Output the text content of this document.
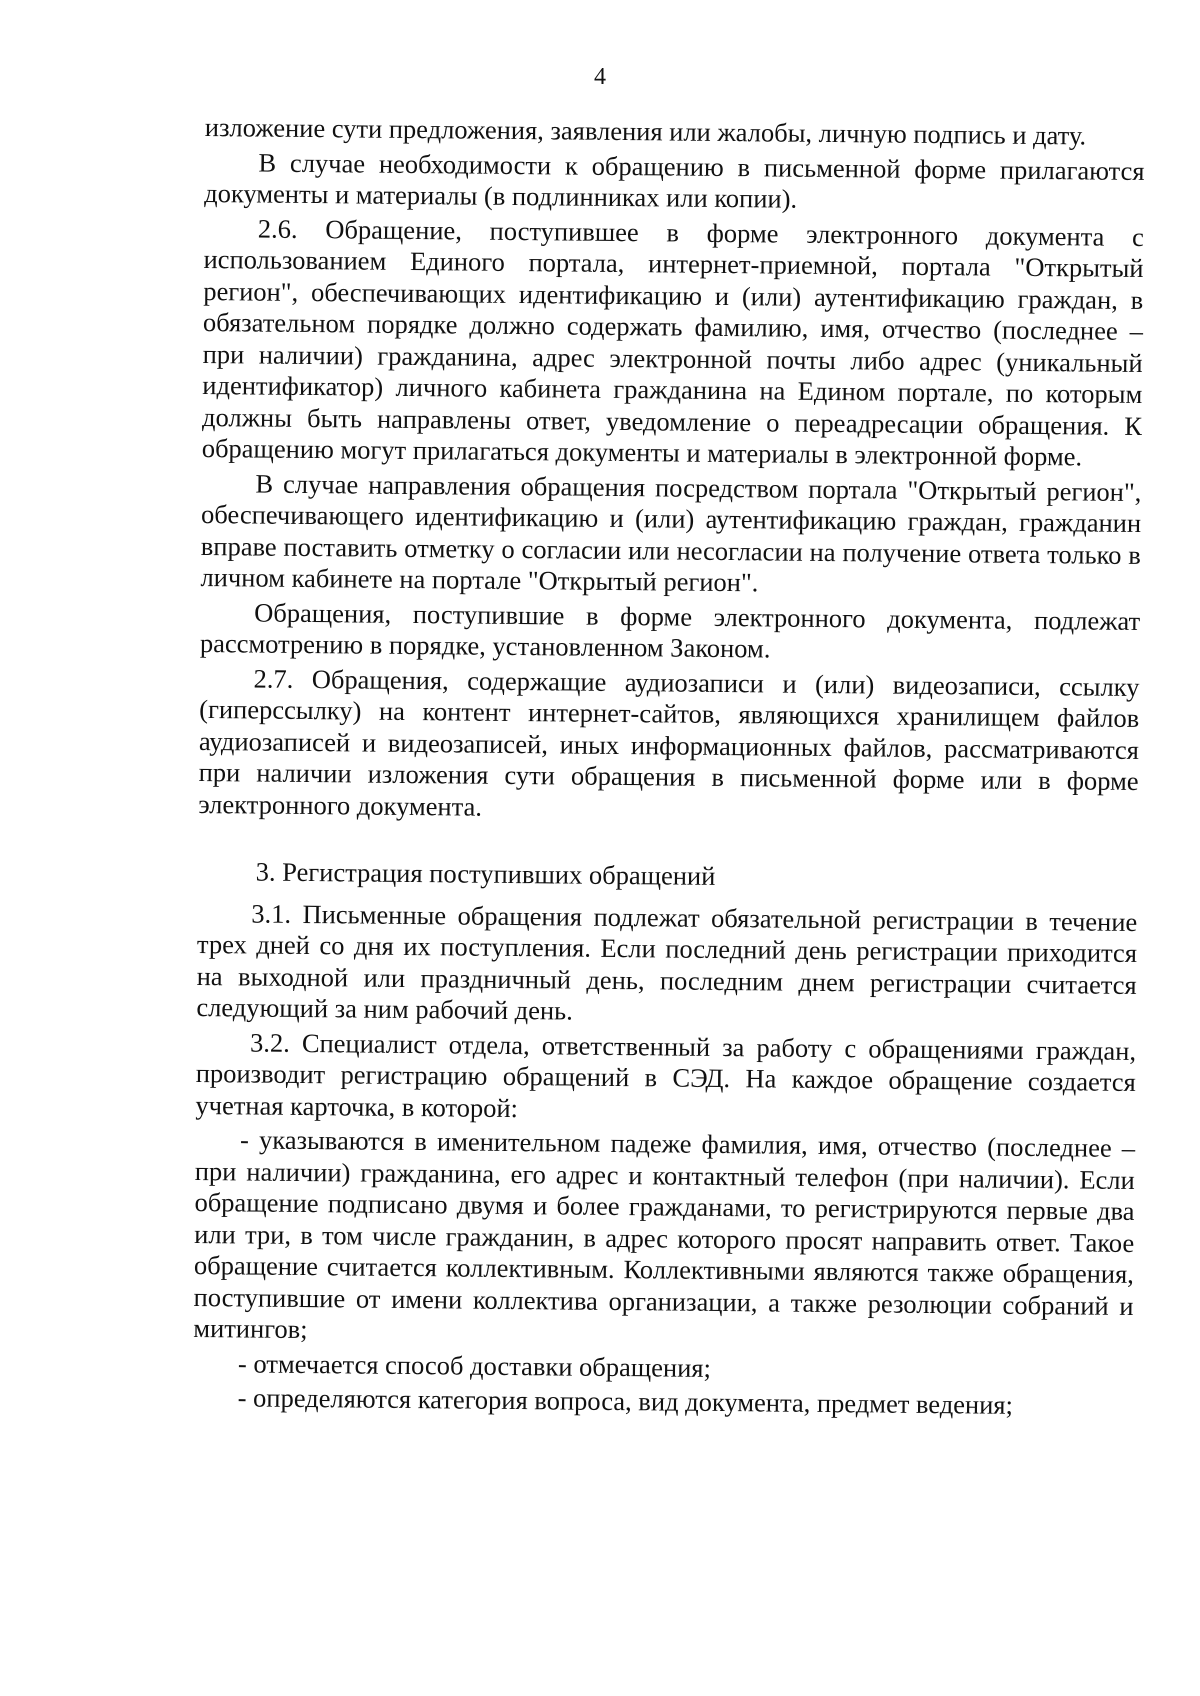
4

изложение сути предложения, заявления или жалобы, личную подпись и дату.

В случае необходимости к обращению в письменной форме прилагаются документы и материалы (в подлинниках или копии).

2.6. Обращение, поступившее в форме электронного документа с использованием Единого портала, интернет-приемной, портала "Открытый регион", обеспечивающих идентификацию и (или) аутентификацию граждан, в обязательном порядке должно содержать фамилию, имя, отчество (последнее – при наличии) гражданина, адрес электронной почты либо адрес (уникальный идентификатор) личного кабинета гражданина на Едином портале, по которым должны быть направлены ответ, уведомление о переадресации обращения. К обращению могут прилагаться документы и материалы в электронной форме.

В случае направления обращения посредством портала "Открытый регион", обеспечивающего идентификацию и (или) аутентификацию граждан, гражданин вправе поставить отметку о согласии или несогласии на получение ответа только в личном кабинете на портале "Открытый регион".

Обращения, поступившие в форме электронного документа, подлежат рассмотрению в порядке, установленном Законом.

2.7. Обращения, содержащие аудиозаписи и (или) видеозаписи, ссылку (гиперссылку) на контент интернет-сайтов, являющихся хранилищем файлов аудиозаписей и видеозаписей, иных информационных файлов, рассматриваются при наличии изложения сути обращения в письменной форме или в форме электронного документа.

3. Регистрация поступивших обращений

3.1. Письменные обращения подлежат обязательной регистрации в течение трех дней со дня их поступления. Если последний день регистрации приходится на выходной или праздничный день, последним днем регистрации считается следующий за ним рабочий день.

3.2. Специалист отдела, ответственный за работу с обращениями граждан, производит регистрацию обращений в СЭД. На каждое обращение создается учетная карточка, в которой:

- указываются в именительном падеже фамилия, имя, отчество (последнее – при наличии) гражданина, его адрес и контактный телефон (при наличии). Если обращение подписано двумя и более гражданами, то регистрируются первые два или три, в том числе гражданин, в адрес которого просят направить ответ. Такое обращение считается коллективным. Коллективными являются также обращения, поступившие от имени коллектива организации, а также резолюции собраний и митингов;

- отмечается способ доставки обращения;

- определяются категория вопроса, вид документа, предмет ведения;
